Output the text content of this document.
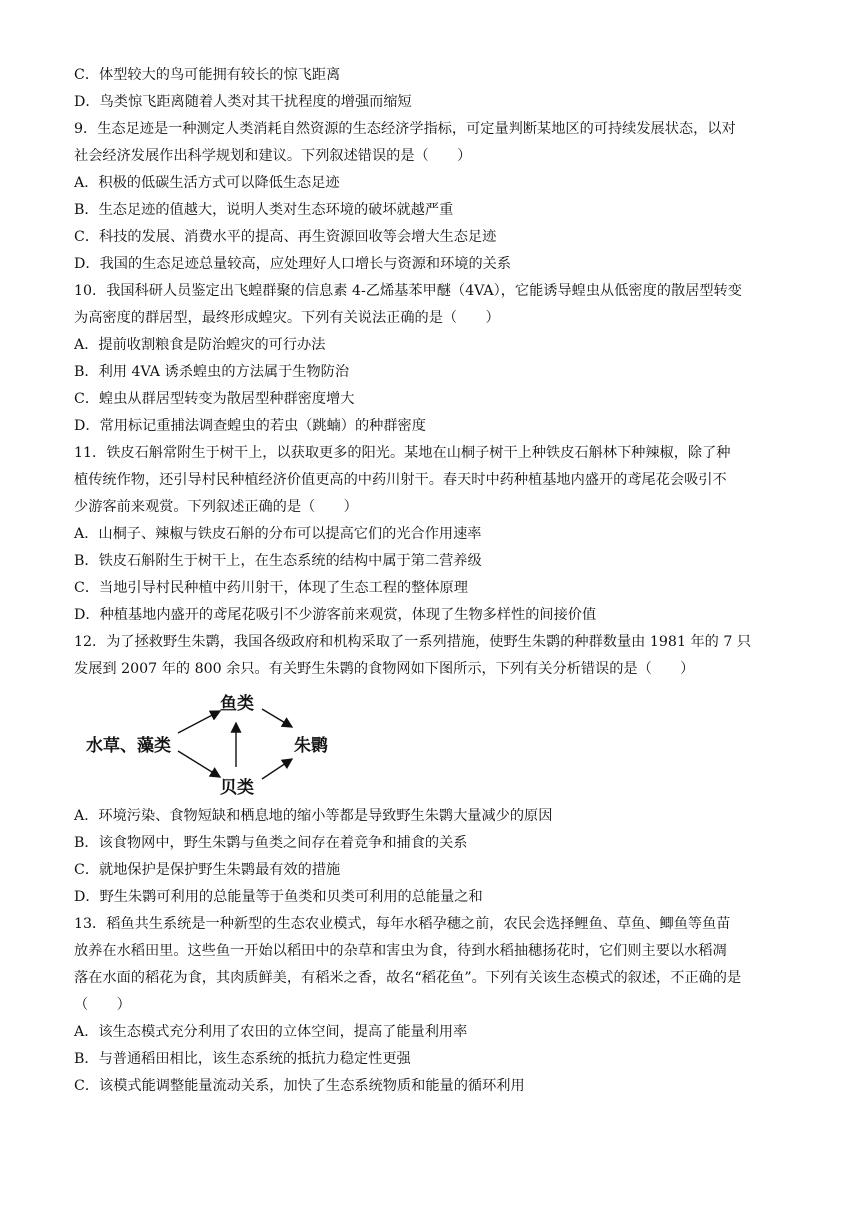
C．体型较大的鸟可能拥有较长的惊飞距离
D．鸟类惊飞距离随着人类对其干扰程度的增强而缩短
9．生态足迹是一种测定人类消耗自然资源的生态经济学指标，可定量判断某地区的可持续发展状态，以对
社会经济发展作出科学规划和建议。下列叙述错误的是（　　）
A．积极的低碳生活方式可以降低生态足迹
B．生态足迹的值越大，说明人类对生态环境的破坏就越严重
C．科技的发展、消费水平的提高、再生资源回收等会增大生态足迹
D．我国的生态足迹总量较高，应处理好人口增长与资源和环境的关系
10．我国科研人员鉴定出飞蝗群聚的信息素 4-乙烯基苯甲醚（4VA），它能诱导蝗虫从低密度的散居型转变
为高密度的群居型，最终形成蝗灾。下列有关说法正确的是（　　）
A．提前收割粮食是防治蝗灾的可行办法
B．利用 4VA 诱杀蝗虫的方法属于生物防治
C．蝗虫从群居型转变为散居型种群密度增大
D．常用标记重捕法调查蝗虫的若虫（跳蝻）的种群密度
11．铁皮石斛常附生于树干上，以获取更多的阳光。某地在山桐子树干上种铁皮石斛林下种辣椒，除了种
植传统作物，还引导村民种植经济价值更高的中药川射干。春天时中药种植基地内盛开的鸢尾花会吸引不
少游客前来观赏。下列叙述正确的是（　　）
A．山桐子、辣椒与铁皮石斛的分布可以提高它们的光合作用速率
B．铁皮石斛附生于树干上，在生态系统的结构中属于第二营养级
C．当地引导村民种植中药川射干，体现了生态工程的整体原理
D．种植基地内盛开的鸢尾花吸引不少游客前来观赏，体现了生物多样性的间接价值
12．为了拯救野生朱鹮，我国各级政府和机构采取了一系列措施，使野生朱鹮的种群数量由 1981 年的 7 只
发展到 2007 年的 800 余只。有关野生朱鹮的食物网如下图所示，下列有关分析错误的是（　　）
水草、藻类
鱼类
贝类
朱鹮
A．环境污染、食物短缺和栖息地的缩小等都是导致野生朱鹮大量减少的原因
B．该食物网中，野生朱鹮与鱼类之间存在着竞争和捕食的关系
C．就地保护是保护野生朱鹮最有效的措施
D．野生朱鹮可利用的总能量等于鱼类和贝类可利用的总能量之和
13．稻鱼共生系统是一种新型的生态农业模式，每年水稻孕穗之前，农民会选择鲤鱼、草鱼、鲫鱼等鱼苗
放养在水稻田里。这些鱼一开始以稻田中的杂草和害虫为食，待到水稻抽穗扬花时，它们则主要以水稻凋
落在水面的稻花为食，其肉质鲜美，有稻米之香，故名“稻花鱼”。下列有关该生态模式的叙述，不正确的是
（　　）
A．该生态模式充分利用了农田的立体空间，提高了能量利用率
B．与普通稻田相比，该生态系统的抵抗力稳定性更强
C．该模式能调整能量流动关系，加快了生态系统物质和能量的循环利用
